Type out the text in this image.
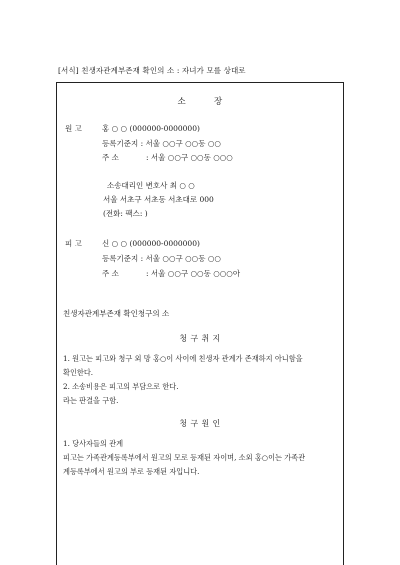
[서식] 친생자관계부존재 확인의 소 : 자녀가 모를 상대로
소	장
원 고	홍 ○ ○ (000000-0000000)
등록기준지 : 서울 ○○구 ○○동 ○○
주 소	: 서울 ○○구 ○○동 ○○○
소송대리인 변호사 최 ○ ○
서울 서초구 서초동 서초대로 000
(전화: 팩스: )
피 고	신 ○ ○ (000000-0000000)
등록기준지 : 서울 ○○구 ○○동 ○○
주 소	: 서울 ○○구 ○○동 ○○○아
친생자관계부존재 확인청구의 소
청 구 취 지
1. 원고는 피고와 청구 외 망 홍○이 사이에 친생자 관계가 존재하지 아니함을
확인한다.
2. 소송비용은 피고의 부담으로 한다.
라는 판결을 구함.
청 구 원 인
1. 당사자들의 관계
피고는 가족관계등록부에서 원고의 모로 등재된 자이며, 소외 홍○이는 가족관
계등록부에서 원고의 부로 등재된 자입니다.
